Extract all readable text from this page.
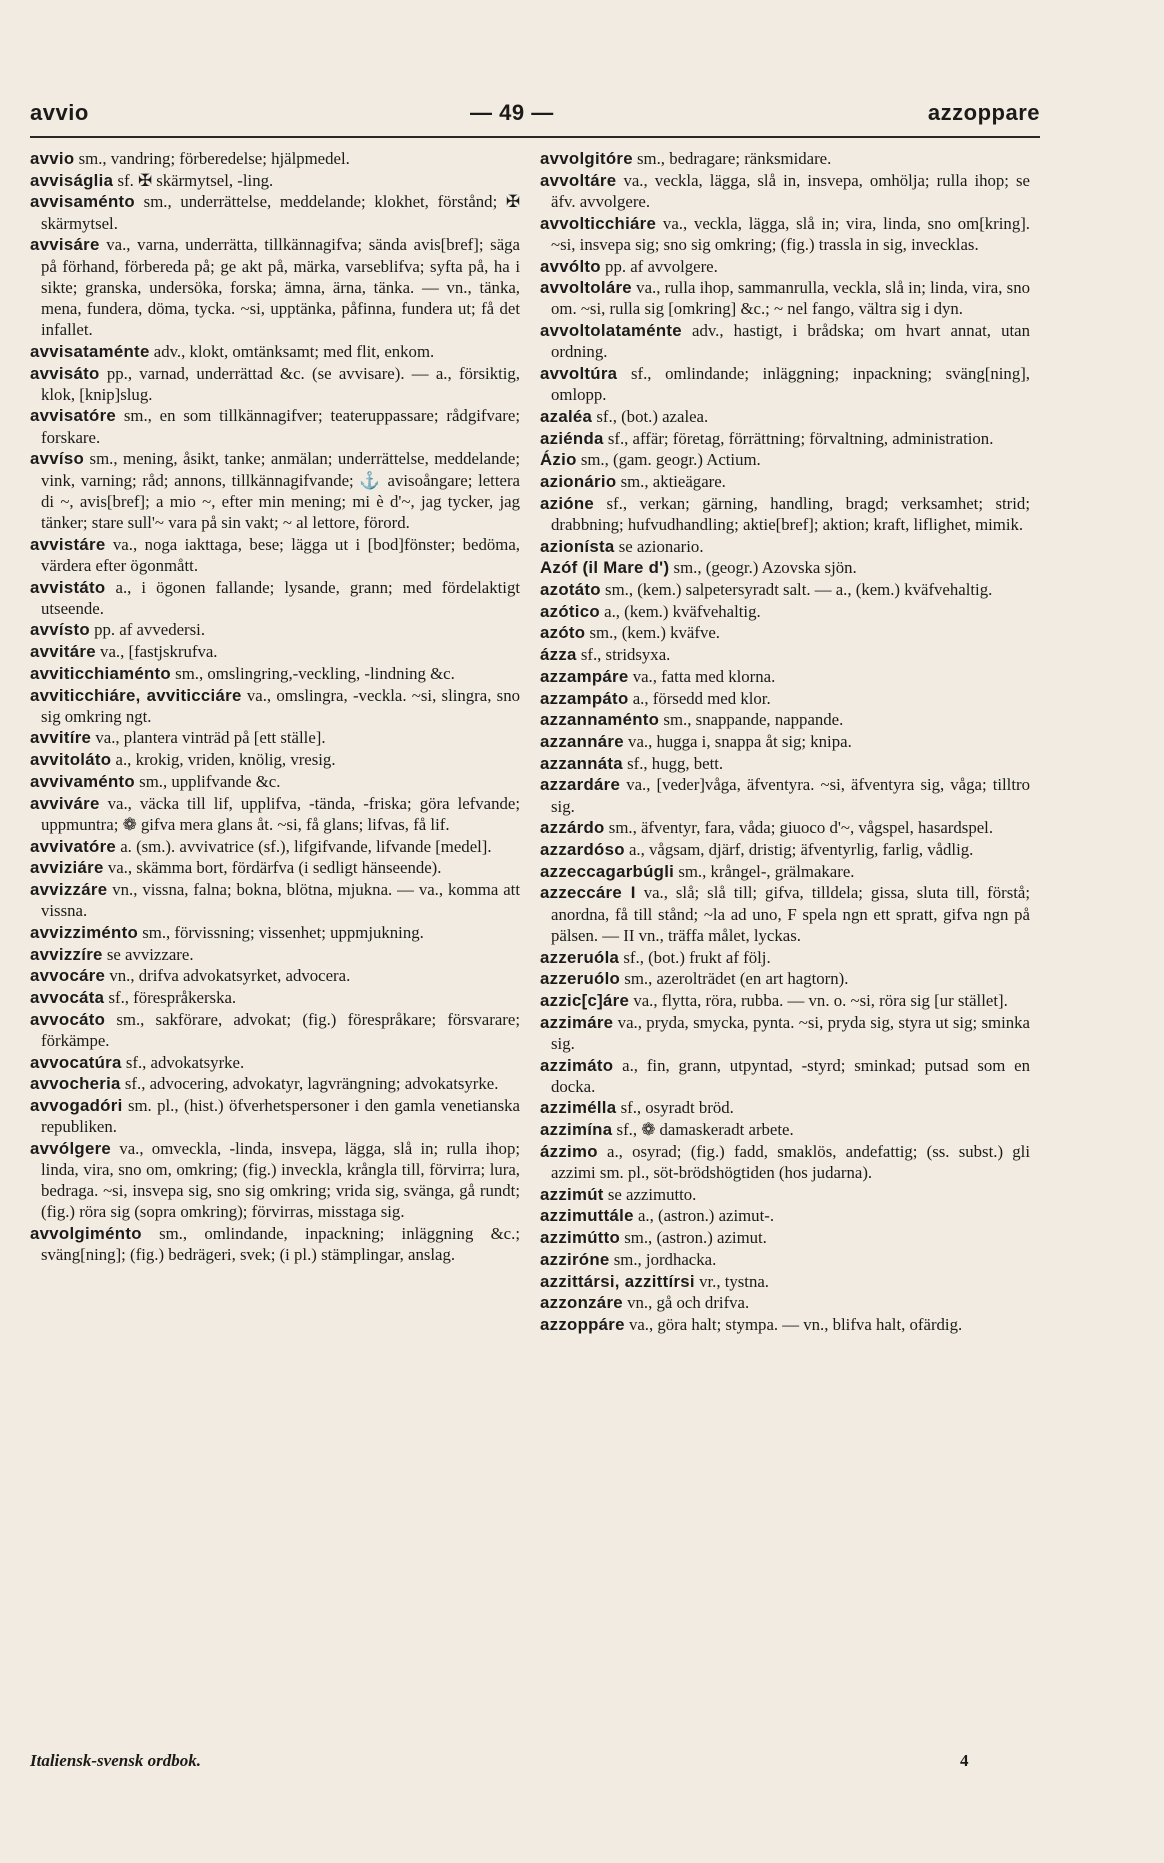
avvio	— 49 —	azzoppare

avvio sm., vandring; förberedelse; hjälpmedel.

avviságlia sf. ✠ skärmytsel, -ling.

avvisaménto sm., underrättelse, meddelande; klokhet, förstånd; ✠ skärmytsel.

avvisáre va., varna, underrätta, tillkännagifva; sända avis[bref]; säga på förhand, förbereda på; ge akt på, märka, varseblifva; syfta på, ha i sikte; granska, undersöka, forska; ämna, ärna, tänka. — vn., tänka, mena, fundera, döma, tycka. ~si, upptänka, påfinna, fundera ut; få det infallet.

avvisataménte adv., klokt, omtänksamt; med flit, enkom.

avvisáto pp., varnad, underrättad &c. (se avvisare). — a., försiktig, klok, [knip]slug.

avvisatóre sm., en som tillkännagifver; teateruppassare; rådgifvare; forskare.

avvíso sm., mening, åsikt, tanke; anmälan; underrättelse, meddelande; vink, varning; råd; annons, tillkännagifvande; ⚓ avisoångare; lettera di ~, avis[bref]; a mio ~, efter min mening; mi è d'~, jag tycker, jag tänker; stare sull'~ vara på sin vakt; ~ al lettore, förord.

avvistáre va., noga iakttaga, bese; lägga ut i [bod]fönster; bedöma, värdera efter ögonmått.

avvistáto a., i ögonen fallande; lysande, grann; med fördelaktigt utseende.

avvísto pp. af avvedersi.

avvitáre va., [fastjskrufva.

avviticchiaménto sm., omslingring,-veckling, -lindning &c.

avviticchiáre, avviticciáre va., omslingra, -veckla. ~si, slingra, sno sig omkring ngt.

avvitíre va., plantera vinträd på [ett ställe].

avvitoláto a., krokig, vriden, knölig, vresig.

avvivaménto sm., upplifvande &c.

avviváre va., väcka till lif, upplifva, -tända, -friska; göra lefvande; uppmuntra; ❁ gifva mera glans åt. ~si, få glans; lifvas, få lif.

avvivatóre a. (sm.). avvivatrice (sf.), lifgifvande, lifvande [medel].

avviziáre va., skämma bort, fördärfva (i sedligt hänseende).

avvizzáre vn., vissna, falna; bokna, blötna, mjukna. — va., komma att vissna.

avvizziménto sm., förvissning; vissenhet; uppmjukning.

avvizzíre se avvizzare.

avvocáre vn., drifva advokatsyrket, advocera.

avvocáta sf., förespråkerska.

avvocáto sm., sakförare, advokat; (fig.) förespråkare; försvarare; förkämpe.

avvocatúra sf., advokatsyrke.

avvocheria sf., advocering, advokatyr, lagvrängning; advokatsyrke.

avvogadóri sm. pl., (hist.) öfverhetspersoner i den gamla venetianska republiken.

avvólgere va., omveckla, -linda, insvepa, lägga, slå in; rulla ihop; linda, vira, sno om, omkring; (fig.) inveckla, krångla till, förvirra; lura, bedraga. ~si, insvepa sig, sno sig omkring; vrida sig, svänga, gå rundt; (fig.) röra sig (sopra omkring); förvirras, misstaga sig.

avvolgiménto sm., omlindande, inpackning; inläggning &c.; sväng[ning]; (fig.) bedrägeri, svek; (i pl.) stämplingar, anslag.

avvolgitóre sm., bedragare; ränksmidare.

avvoltáre va., veckla, lägga, slå in, insvepa, omhölja; rulla ihop; se äfv. avvolgere.

avvolticchiáre va., veckla, lägga, slå in; vira, linda, sno om[kring]. ~si, insvepa sig; sno sig omkring; (fig.) trassla in sig, invecklas.

avvólto pp. af avvolgere.

avvoltoláre va., rulla ihop, sammanrulla, veckla, slå in; linda, vira, sno om. ~si, rulla sig [omkring] &c.; ~ nel fango, vältra sig i dyn.

avvoltolataménte adv., hastigt, i brådska; om hvart annat, utan ordning.

avvoltúra sf., omlindande; inläggning; inpackning; sväng[ning], omlopp.

azaléa sf., (bot.) azalea.

aziénda sf., affär; företag, förrättning; förvaltning, administration.

Ázio sm., (gam. geogr.) Actium.

azionário sm., aktieägare.

azióne sf., verkan; gärning, handling, bragd; verksamhet; strid; drabbning; hufvudhandling; aktie[bref]; aktion; kraft, liflighet, mimik.

azionísta se azionario.

Azóf (il Mare d') sm., (geogr.) Azovska sjön.

azotáto sm., (kem.) salpetersyradt salt. — a., (kem.) kväfvehaltig.

azótico a., (kem.) kväfvehaltig.

azóto sm., (kem.) kväfve.

ázza sf., stridsyxa.

azzampáre va., fatta med klorna.

azzampáto a., försedd med klor.

azzannaménto sm., snappande, nappande.

azzannáre va., hugga i, snappa åt sig; knipa.

azzannáta sf., hugg, bett.

azzardáre va., [veder]våga, äfventyra. ~si, äfventyra sig, våga; tilltro sig.

azzárdo sm., äfventyr, fara, våda; giuoco d'~, vågspel, hasardspel.

azzardóso a., vågsam, djärf, dristig; äfventyrlig, farlig, vådlig.

azzeccagarbúgli sm., krångel-, grälmakare.

azzeccáre I va., slå; slå till; gifva, tilldela; gissa, sluta till, förstå; anordna, få till stånd; ~la ad uno, F spela ngn ett spratt, gifva ngn på pälsen. — II vn., träffa målet, lyckas.

azzeruóla sf., (bot.) frukt af följ.

azzeruólo sm., azerolträdet (en art hagtorn).

azzic[c]áre va., flytta, röra, rubba. — vn. o. ~si, röra sig [ur stället].

azzimáre va., pryda, smycka, pynta. ~si, pryda sig, styra ut sig; sminka sig.

azzimáto a., fin, grann, utpyntad, -styrd; sminkad; putsad som en docka.

azzimélla sf., osyradt bröd.

azzimína sf., ❁ damaskeradt arbete.

ázzimo a., osyrad; (fig.) fadd, smaklös, andefattig; (ss. subst.) gli azzimi sm. pl., söt-brödshögtiden (hos judarna).

azzimút se azzimutto.

azzimuttále a., (astron.) azimut-.

azzimútto sm., (astron.) azimut.

azziróne sm., jordhacka.

azzittársi, azzittírsi vr., tystna.

azzonzáre vn., gå och drifva.

azzoppáre va., göra halt; stympa. — vn., blifva halt, ofärdig.

Italiensk-svensk ordbok.	4
